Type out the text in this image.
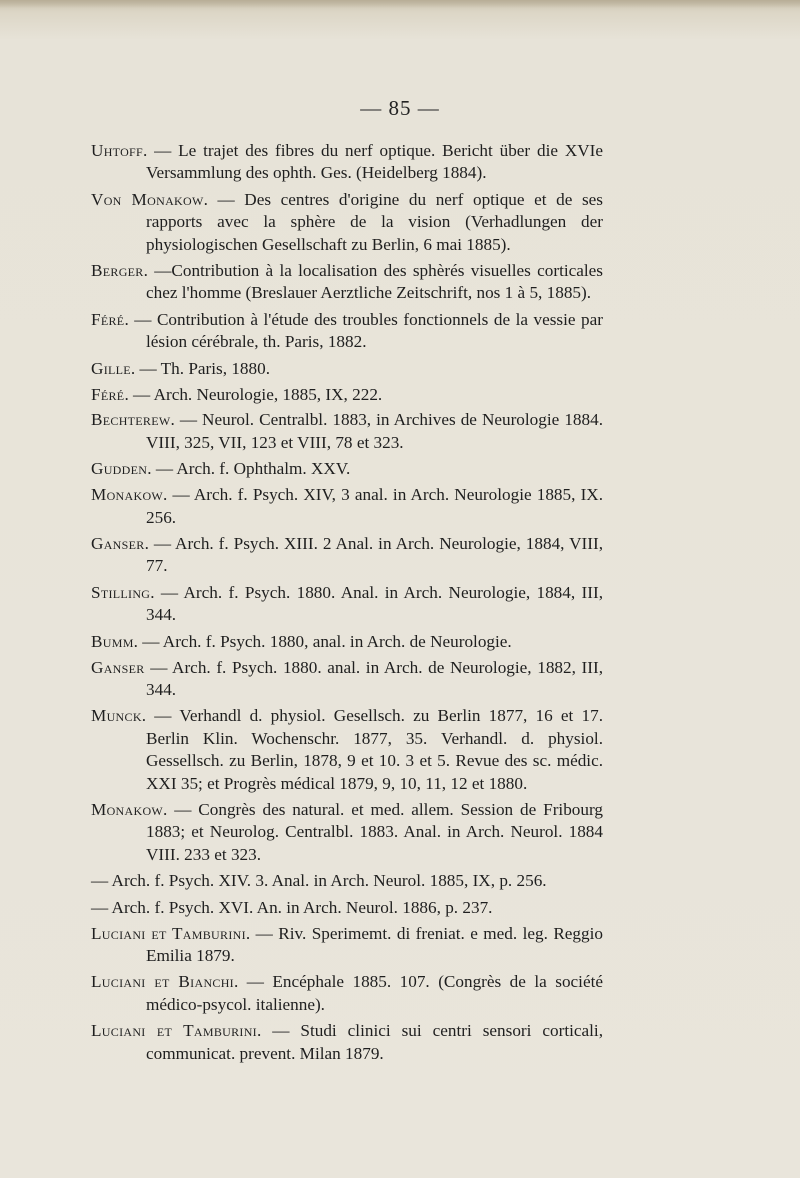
— 85 —

Uhtoff. — Le trajet des fibres du nerf optique. Bericht über die XVIe Versammlung des ophth. Ges. (Heidelberg 1884).

Von Monakow. — Des centres d'origine du nerf optique et de ses rapports avec la sphère de la vision (Verhadlungen der physiologischen Gesellschaft zu Berlin, 6 mai 1885).

Berger. —Contribution à la localisation des sphèrés visuelles corticales chez l'homme (Breslauer Aerztliche Zeitschrift, nos 1 à 5, 1885).

Féré. — Contribution à l'étude des troubles fonctionnels de la vessie par lésion cérébrale, th. Paris, 1882.

Gille. — Th. Paris, 1880.

Féré. — Arch. Neurologie, 1885, IX, 222.

Bechterew. — Neurol. Centralbl. 1883, in Archives de Neurologie 1884. VIII, 325, VII, 123 et VIII, 78 et 323.

Gudden. — Arch. f. Ophthalm. XXV.

Monakow. — Arch. f. Psych. XIV, 3 anal. in Arch. Neurologie 1885, IX. 256.

Ganser. — Arch. f. Psych. XIII. 2 Anal. in Arch. Neurologie, 1884, VIII, 77.

Stilling. — Arch. f. Psych. 1880. Anal. in Arch. Neurologie, 1884, III, 344.

Bumm. — Arch. f. Psych. 1880, anal. in Arch. de Neurologie.

Ganser — Arch. f. Psych. 1880. anal. in Arch. de Neurologie, 1882, III, 344.

Munck. — Verhandl d. physiol. Gesellsch. zu Berlin 1877, 16 et 17. Berlin Klin. Wochenschr. 1877, 35. Verhandl. d. physiol. Gessellsch. zu Berlin, 1878, 9 et 10. 3 et 5. Revue des sc. médic. XXI 35; et Progrès médical 1879, 9, 10, 11, 12 et 1880.

Monakow. — Congrès des natural. et med. allem. Session de Fribourg 1883; et Neurolog. Centralbl. 1883. Anal. in Arch. Neurol. 1884 VIII. 233 et 323.

— Arch. f. Psych. XIV. 3. Anal. in Arch. Neurol. 1885, IX, p. 256.

— Arch. f. Psych. XVI. An. in Arch. Neurol. 1886, p. 237.

Luciani et Tamburini. — Riv. Sperimemt. di freniat. e med. leg. Reggio Emilia 1879.

Luciani et Bianchi. — Encéphale 1885. 107. (Congrès de la société médico-psycol. italienne).

Luciani et Tamburini. — Studi clinici sui centri sensori corticali, communicat. prevent. Milan 1879.
